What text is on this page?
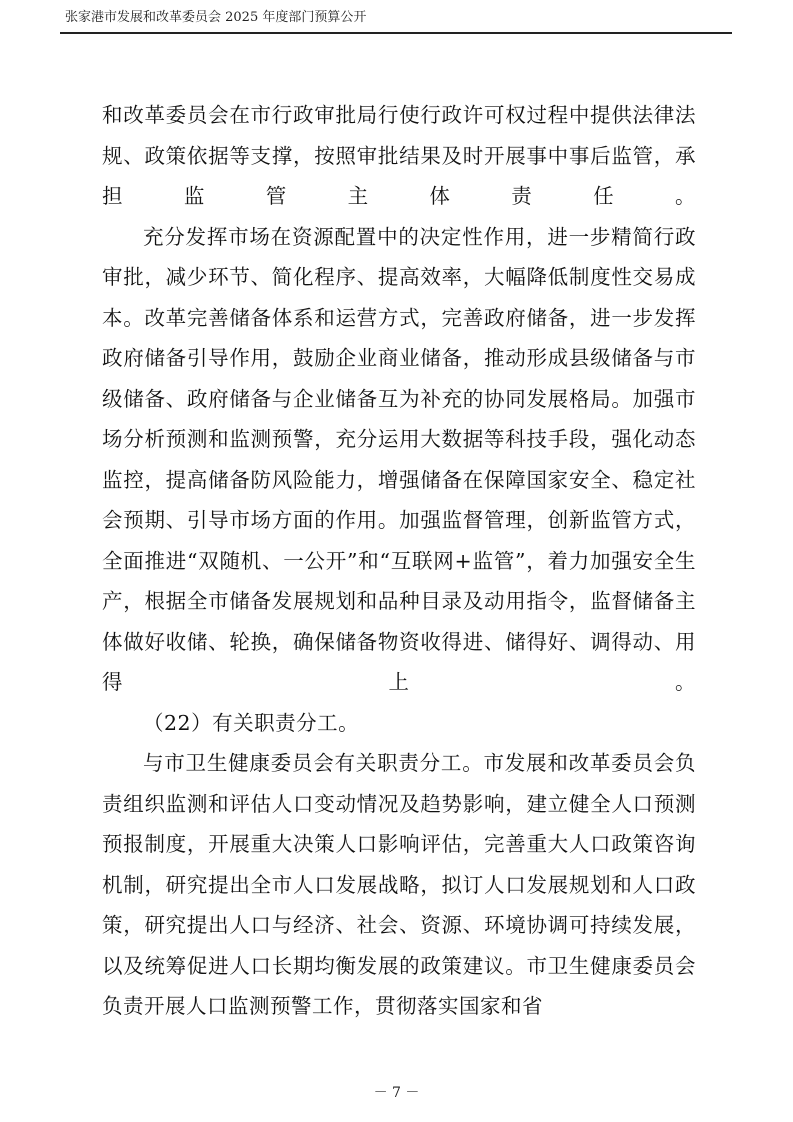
张家港市发展和改革委员会 2025 年度部门预算公开

和改革委员会在市行政审批局行使行政许可权过程中提供法律法规、政策依据等支撑，按照审批结果及时开展事中事后监管，承担监管主体责任。

充分发挥市场在资源配置中的决定性作用，进一步精简行政审批，减少环节、简化程序、提高效率，大幅降低制度性交易成本。改革完善储备体系和运营方式，完善政府储备，进一步发挥政府储备引导作用，鼓励企业商业储备，推动形成县级储备与市级储备、政府储备与企业储备互为补充的协同发展格局。加强市场分析预测和监测预警，充分运用大数据等科技手段，强化动态监控，提高储备防风险能力，增强储备在保障国家安全、稳定社会预期、引导市场方面的作用。加强监督管理，创新监管方式，全面推进“双随机、一公开”和“互联网+监管”，着力加强安全生产，根据全市储备发展规划和品种目录及动用指令，监督储备主体做好收储、轮换，确保储备物资收得进、储得好、调得动、用得上。

（22）有关职责分工。

与市卫生健康委员会有关职责分工。市发展和改革委员会负责组织监测和评估人口变动情况及趋势影响，建立健全人口预测预报制度，开展重大决策人口影响评估，完善重大人口政策咨询机制，研究提出全市人口发展战略，拟订人口发展规划和人口政策，研究提出人口与经济、社会、资源、环境协调可持续发展，以及统筹促进人口长期均衡发展的政策建议。市卫生健康委员会负责开展人口监测预警工作，贯彻落实国家和省

－ 7 －
